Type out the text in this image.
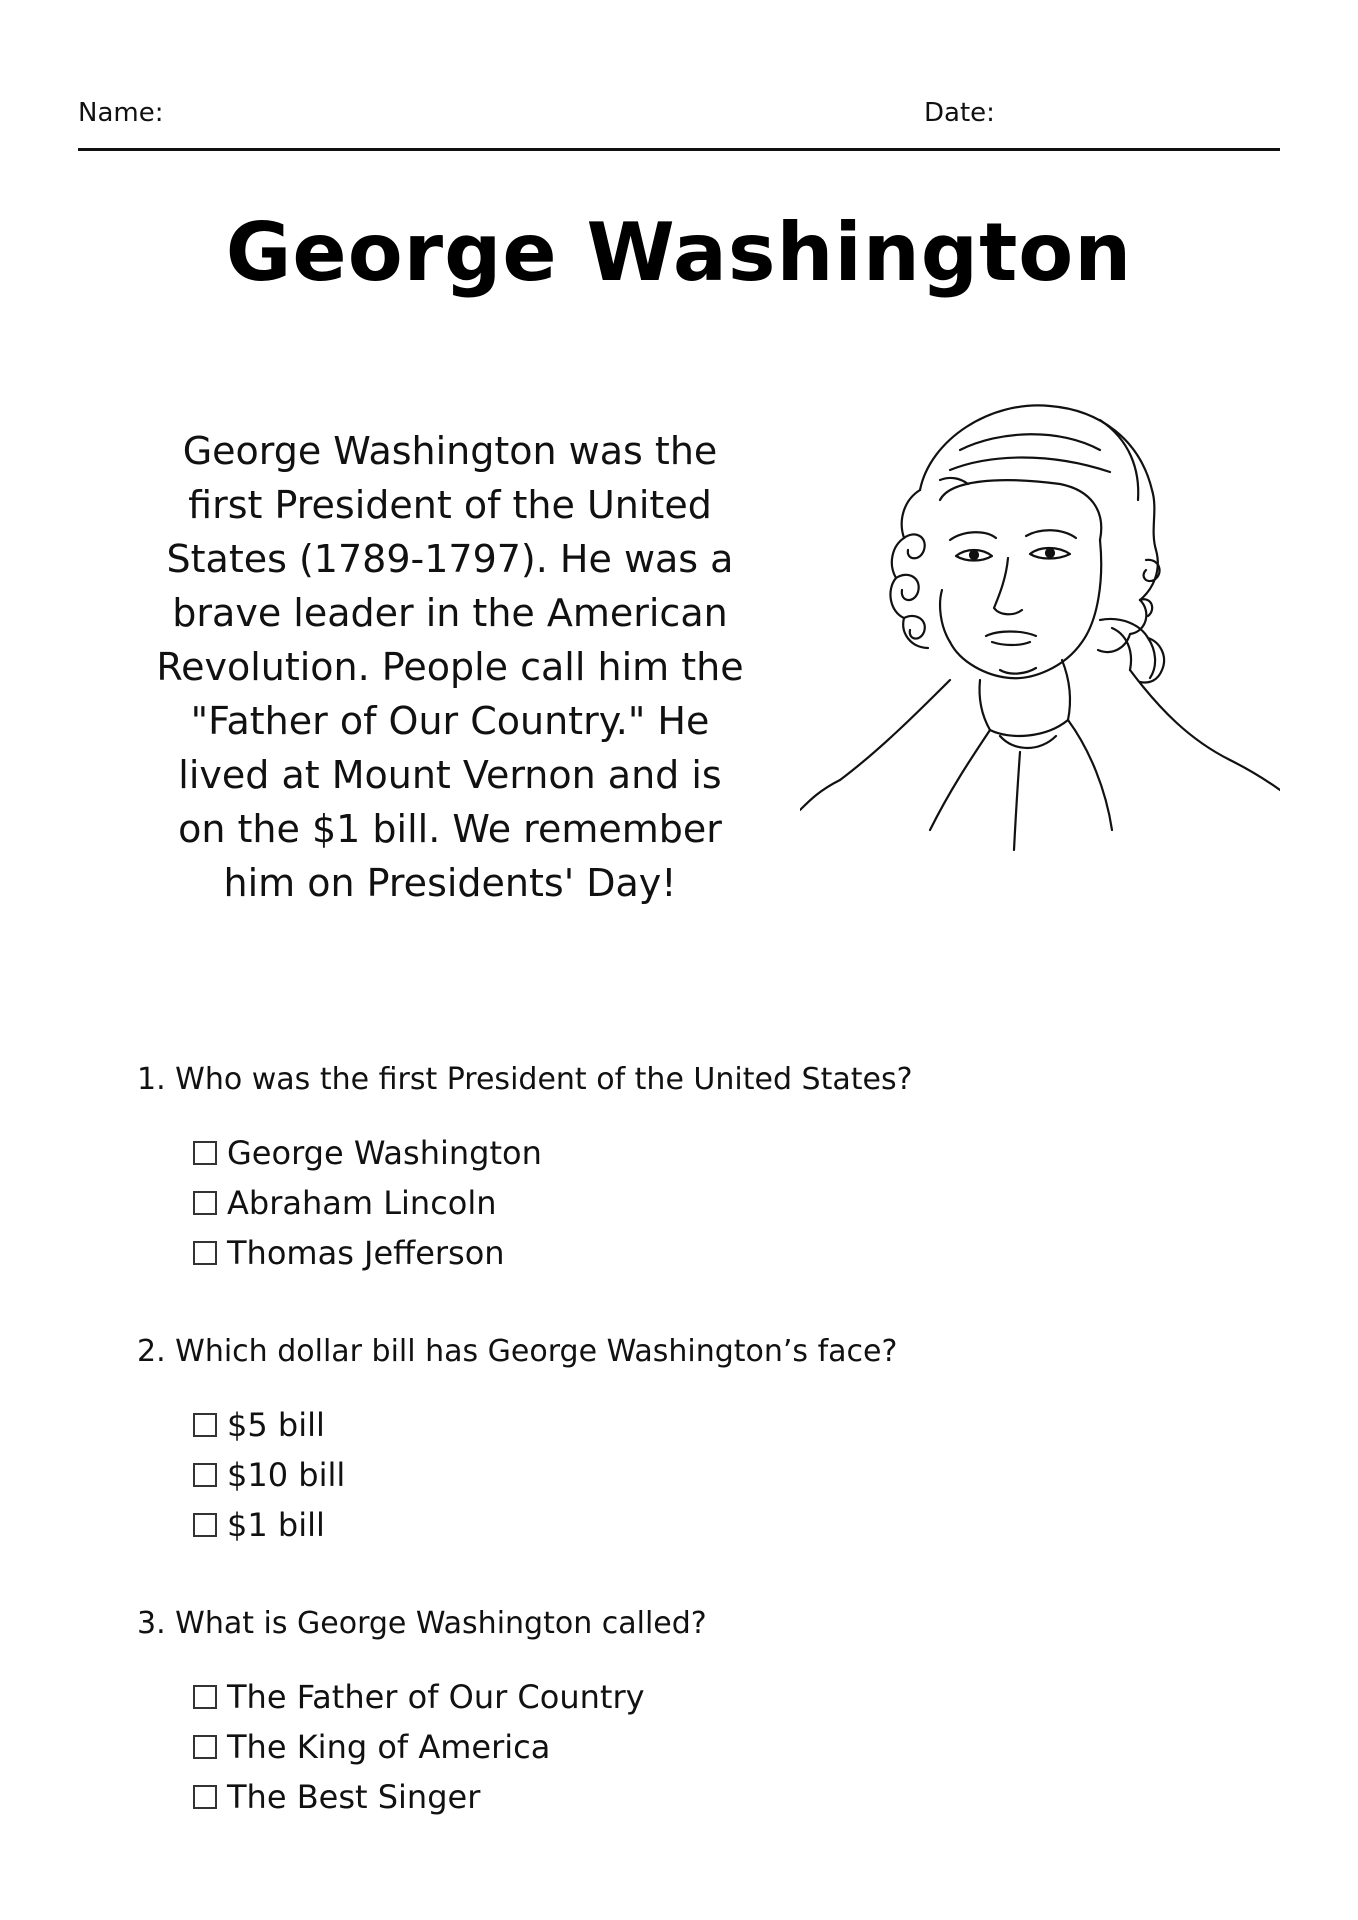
Name:	Date:
George Washington
George Washington was the
first President of the United
States (1789-1797). He was a
brave leader in the American
Revolution. People call him the
"Father of Our Country." He
lived at Mount Vernon and is
on the $1 bill. We remember
him on Presidents' Day!
1. Who was the first President of the United States?
George Washington
Abraham Lincoln
Thomas Jefferson
2. Which dollar bill has George Washington’s face?
$5 bill
$10 bill
$1 bill
3. What is George Washington called?
The Father of Our Country
The King of America
The Best Singer
